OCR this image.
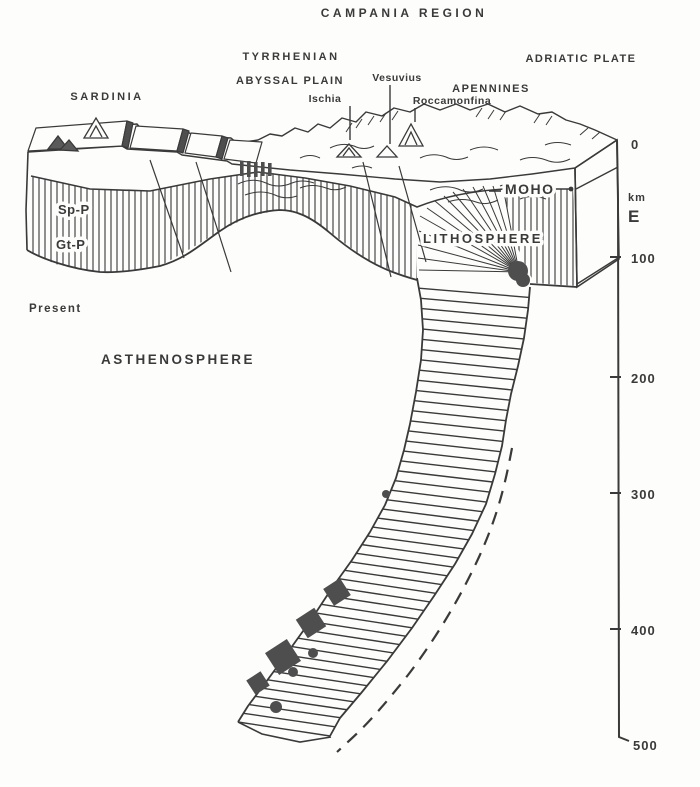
0
km
E
100
200
300
400
500
CAMPANIA REGION
TYRRHENIAN
ABYSSAL PLAIN
ADRIATIC PLATE
SARDINIA
APENNINES
Vesuvius
Ischia	Roccamonfina
MOHO
LITHOSPHERE
ASTHENOSPHERE
Sp-P
Gt-P
Present
